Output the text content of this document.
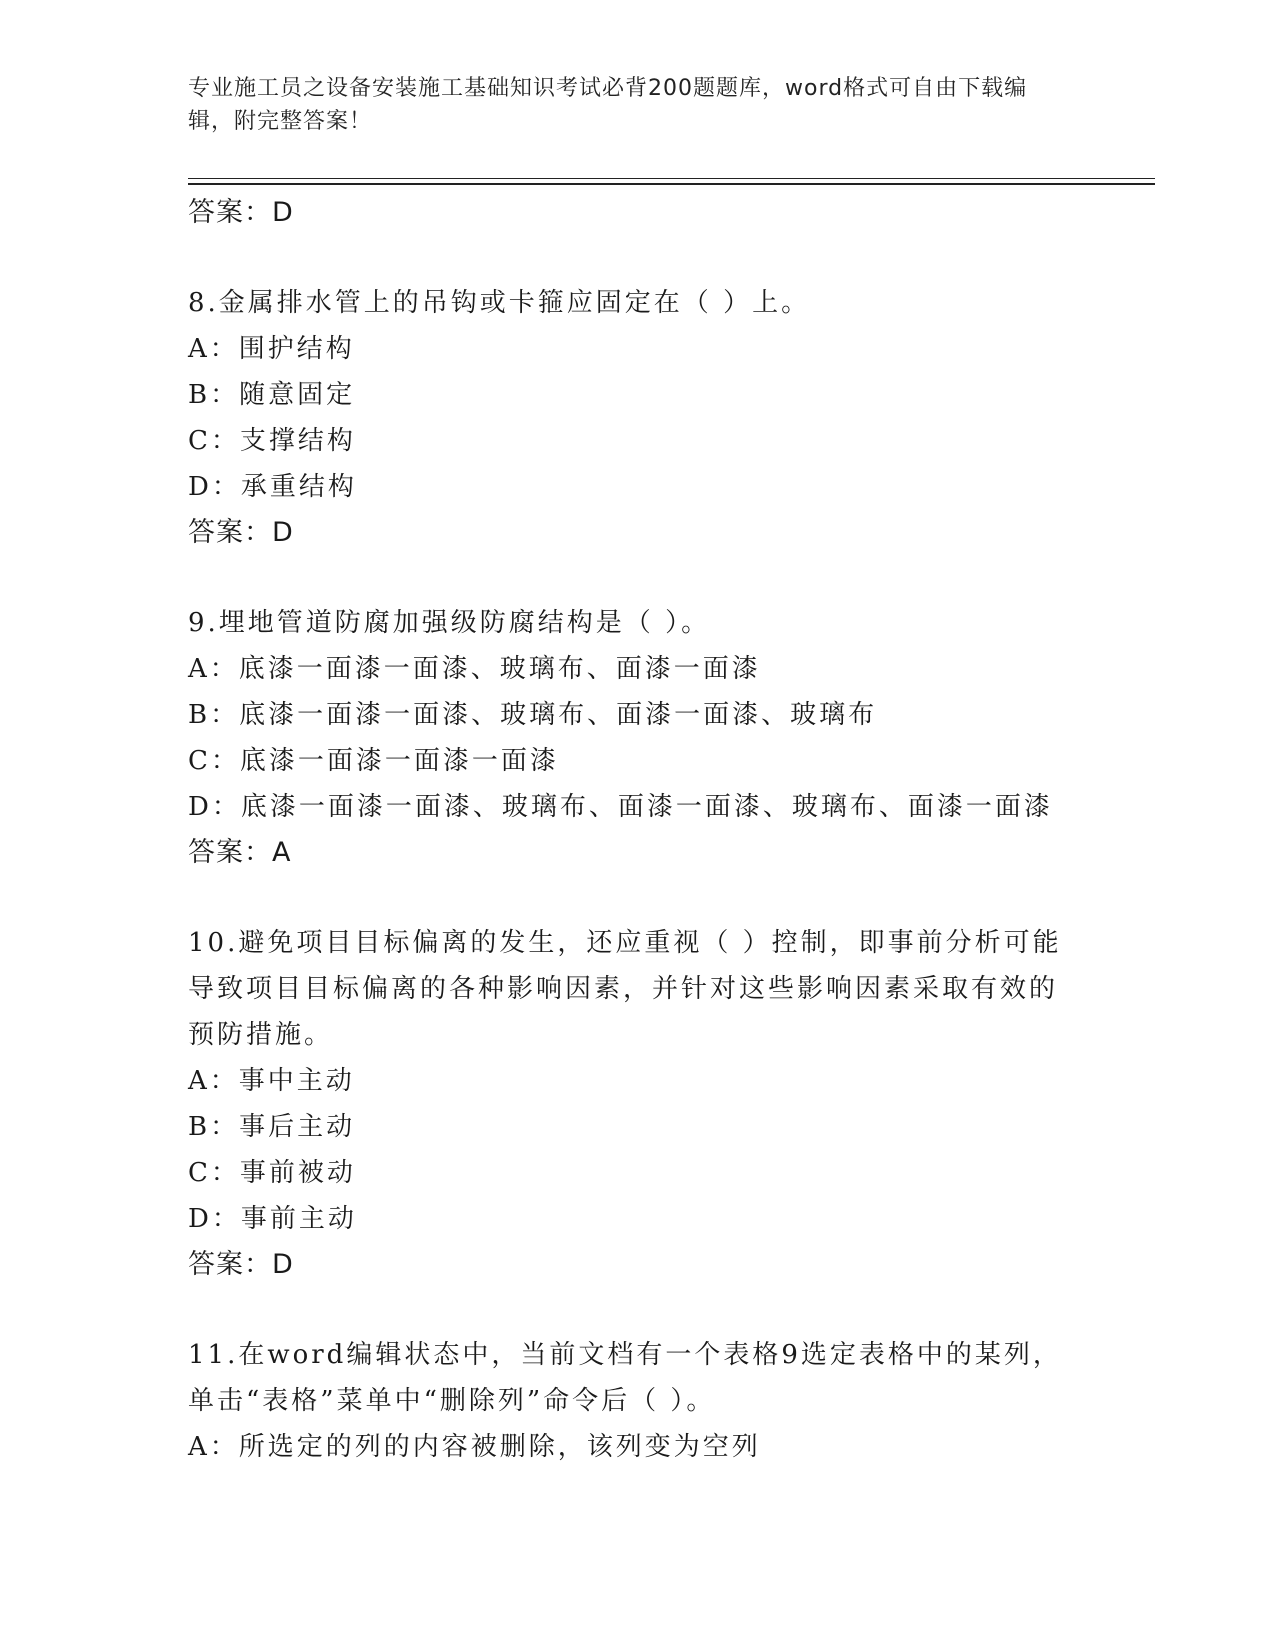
专业施工员之设备安装施工基础知识考试必背200题题库，word格式可自由下载编辑，附完整答案！
答案：D
8.金属排水管上的吊钩或卡箍应固定在（ ）上。
A：围护结构
B：随意固定
C：支撑结构
D：承重结构
答案：D
9.埋地管道防腐加强级防腐结构是（ ）。
A：底漆一面漆一面漆、玻璃布、面漆一面漆
B：底漆一面漆一面漆、玻璃布、面漆一面漆、玻璃布
C：底漆一面漆一面漆一面漆
D：底漆一面漆一面漆、玻璃布、面漆一面漆、玻璃布、面漆一面漆
答案：A
10.避免项目目标偏离的发生，还应重视（ ）控制，即事前分析可能导致项目目标偏离的各种影响因素，并针对这些影响因素采取有效的预防措施。
A：事中主动
B：事后主动
C：事前被动
D：事前主动
答案：D
11.在word编辑状态中，当前文档有一个表格9选定表格中的某列，单击“表格”菜单中“删除列”命令后（ ）。
A：所选定的列的内容被删除，该列变为空列
